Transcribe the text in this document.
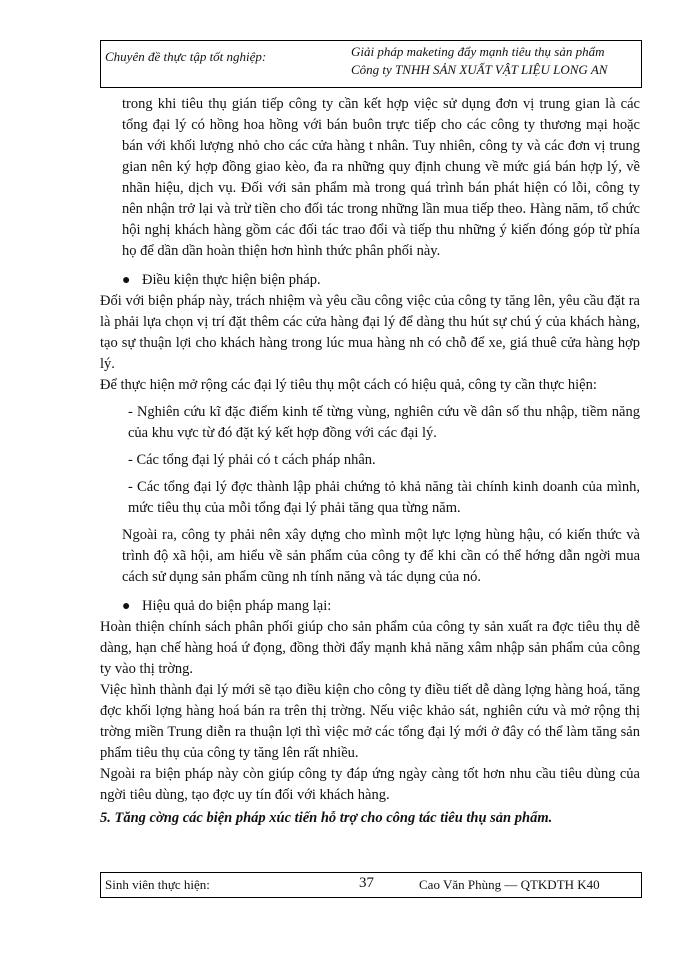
Chuyên đề thực tập tốt nghiệp:	Giải pháp maketing đẩy mạnh tiêu thụ sản phẩm
Công ty TNHH SẢN XUẤT VẬT LIỆU LONG AN

trong khi tiêu thụ gián tiếp công ty cần kết hợp việc sử dụng đơn vị trung gian là các tổng đại lý có hồng hoa hồng với bán buôn trực tiếp cho các công ty thương mại hoặc bán với khối lượng nhỏ cho các cửa hàng t nhân. Tuy nhiên, công ty và các đơn vị trung gian nên ký hợp đồng giao kèo, đa ra những quy định chung về mức giá bán hợp lý, về nhãn hiệu, dịch vụ. Đối với sản phẩm mà trong quá trình bán phát hiện có lỗi, công ty nên nhận trở lại và trừ tiền cho đối tác trong những lần mua tiếp theo. Hàng năm, tổ chức hội nghị khách hàng gồm các đối tác trao đổi và tiếp thu những ý kiến đóng góp từ phía họ để dần dần hoàn thiện hơn hình thức phân phối này.

● Điều kiện thực hiện biện pháp.

Đối với biện pháp này, trách nhiệm và yêu cầu công việc của công ty tăng lên, yêu cầu đặt ra là phải lựa chọn vị trí đặt thêm các cửa hàng đại lý để dàng thu hút sự chú ý của khách hàng, tạo sự thuận lợi cho khách hàng trong lúc mua hàng nh có chỗ để xe, giá thuê cửa hàng hợp lý.

Để thực hiện mở rộng các đại lý tiêu thụ một cách có hiệu quả, công ty cần thực hiện:

- Nghiên cứu kĩ đặc điểm kinh tế từng vùng, nghiên cứu về dân số thu nhập, tiềm năng của khu vực từ đó đặt ký kết hợp đồng với các đại lý.

- Các tổng đại lý phải có t cách pháp nhân.

- Các tổng đại lý đợc thành lập phải chứng tỏ khả năng tài chính kinh doanh của mình, mức tiêu thụ của mỗi tổng đại lý phải tăng qua từng năm.

Ngoài ra, công ty phải nên xây dựng cho mình một lực lợng hùng hậu, có kiến thức và trình độ xã hội, am hiểu về sản phẩm của công ty để khi cần có thể hớng dẫn ngời mua cách sử dụng sản phẩm cũng nh tính năng và tác dụng của nó.

● Hiệu quả do biện pháp mang lại:

Hoàn thiện chính sách phân phối giúp cho sản phẩm của công ty sản xuất ra đợc tiêu thụ dễ dàng, hạn chế hàng hoá ứ đọng, đồng thời đẩy mạnh khả năng xâm nhập sản phẩm của công ty vào thị trờng.

Việc hình thành đại lý mới sẽ tạo điều kiện cho công ty điều tiết dễ dàng lợng hàng hoá, tăng đợc khối lợng hàng hoá bán ra trên thị trờng. Nếu việc khảo sát, nghiên cứu và mở rộng thị trờng miền Trung diễn ra thuận lợi thì việc mở các tổng đại lý mới ở đây có thể làm tăng sản phẩm tiêu thụ của công ty tăng lên rất nhiều.

Ngoài ra biện pháp này còn giúp công ty đáp ứng ngày càng tốt hơn nhu cầu tiêu dùng của ngời tiêu dùng, tạo đợc uy tín đối với khách hàng.

5. Tăng cờng các biện pháp xúc tiến hỗ trợ cho công tác tiêu thụ sản phẩm.

Sinh viên thực hiện:	37	Cao Văn Phùng — QTKDTH K40
